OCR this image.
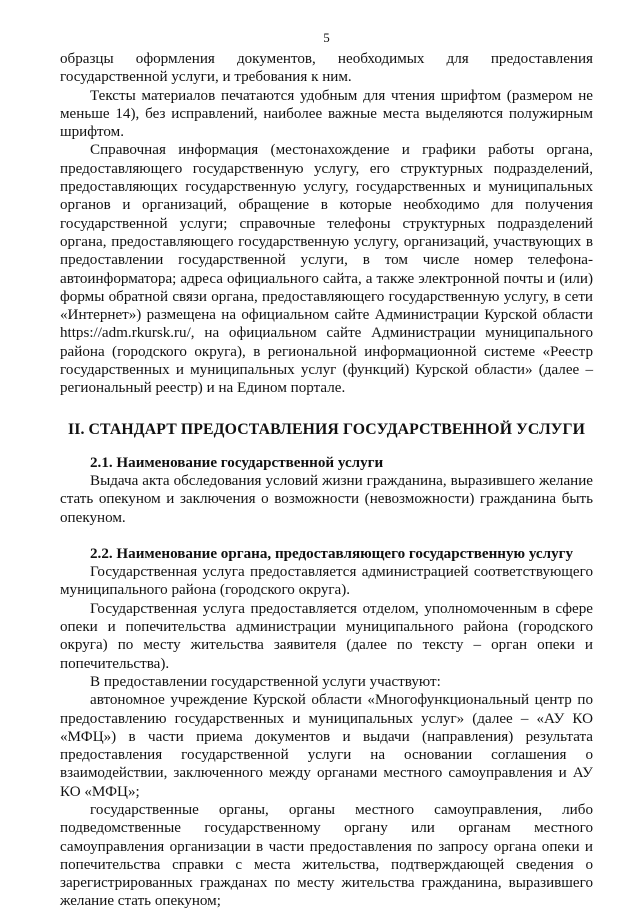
5

образцы оформления документов, необходимых для предоставления государственной услуги, и требования к ним.

Тексты материалов печатаются удобным для чтения шрифтом (размером не меньше 14), без исправлений, наиболее важные места выделяются полужирным шрифтом.

Справочная информация (местонахождение и графики работы органа, предоставляющего государственную услугу, его структурных подразделений, предоставляющих государственную услугу, государственных и муниципальных органов и организаций, обращение в которые необходимо для получения государственной услуги; справочные телефоны структурных подразделений органа, предоставляющего государственную услугу, организаций, участвующих в предоставлении государственной услуги, в том числе номер телефона-автоинформатора; адреса официального сайта, а также электронной почты и (или) формы обратной связи органа, предоставляющего государственную услугу, в сети «Интернет») размещена на официальном сайте Администрации Курской области https://adm.rkursk.ru/, на официальном сайте Администрации муниципального района (городского округа), в региональной информационной системе «Реестр государственных и муниципальных услуг (функций) Курской области» (далее – региональный реестр) и на Едином портале.

II. СТАНДАРТ ПРЕДОСТАВЛЕНИЯ ГОСУДАРСТВЕННОЙ УСЛУГИ
2.1. Наименование государственной услуги

Выдача акта обследования условий жизни гражданина, выразившего желание стать опекуном и заключения о возможности (невозможности) гражданина быть опекуном.

2.2. Наименование органа, предоставляющего государственную услугу

Государственная услуга предоставляется администрацией соответствующего муниципального района (городского округа).

Государственная услуга предоставляется отделом, уполномоченным в сфере опеки и попечительства администрации муниципального района (городского округа) по месту жительства заявителя (далее по тексту – орган опеки и попечительства).

В предоставлении государственной услуги участвуют:

автономное учреждение Курской области «Многофункциональный центр по предоставлению государственных и муниципальных услуг» (далее – «АУ КО «МФЦ») в части приема документов и выдачи (направления) результата предоставления государственной услуги на основании соглашения о взаимодействии, заключенного между органами местного самоуправления и АУ КО «МФЦ»;

государственные органы, органы местного самоуправления, либо подведомственные государственному органу или органам местного самоуправления организации в части предоставления по запросу органа опеки и попечительства справки с места жительства, подтверждающей сведения о зарегистрированных гражданах по месту жительства гражданина, выразившего желание стать опекуном;
